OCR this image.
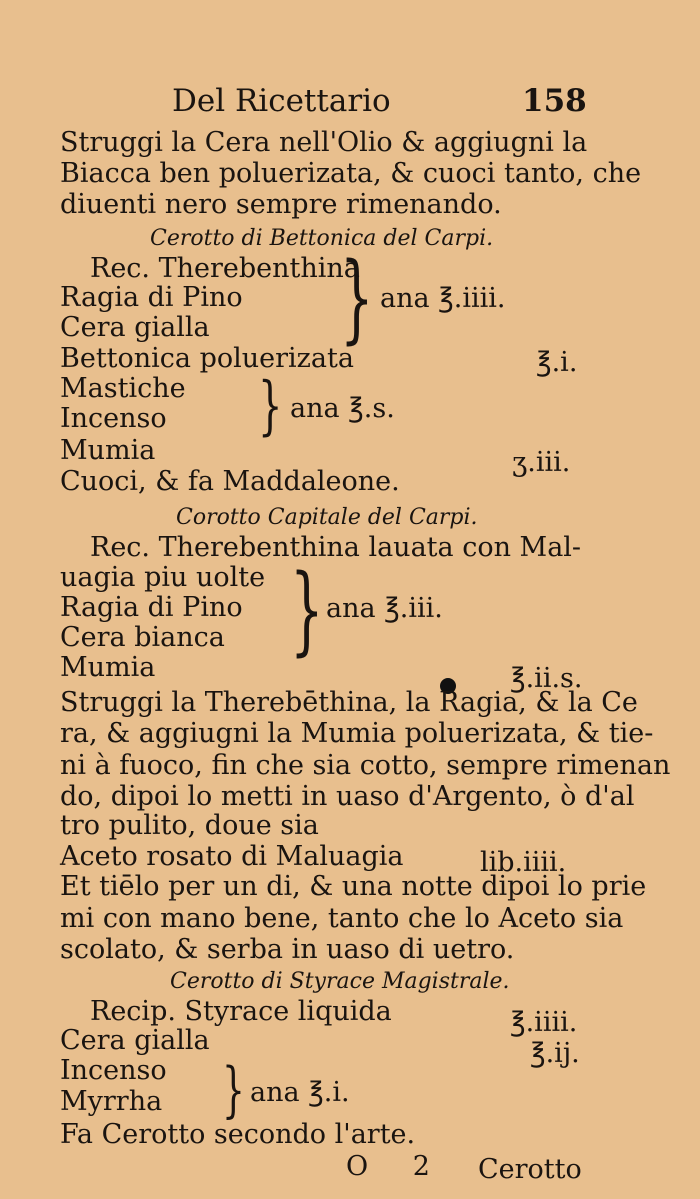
Del Ricettario	158
Struggi la Cera nell'Olio & aggiugni la
Biacca ben poluerizata, & cuoci tanto, che
diuenti nero sempre rimenando.
Cerotto di Bettonica del Carpi.
Rec. Therebenthina
Ragia di Pino
Cera gialla } ana ℥.iiii.
Bettonica poluerizata	℥.i.
Mastiche
Incenso } ana ℥.s.
Mumia	ʒ.iii.
Cuoci, & fa Maddaleone.
Corotto Capitale del Carpi.
Rec. Therebenthina lauata con Mal-
uagia piu uolte
Ragia di Pino
Cera bianca } ana ℥.iii.
Mumia	℥.ii.s.
Struggi la Therebēthina, la Ragia, & la Ce
ra, & aggiugni la Mumia poluerizata, & tie-
ni à fuoco, fin che sia cotto, sempre rimenan
do, dipoi lo metti in uaso d'Argento, ò d'al
tro pulito, doue sia
Aceto rosato di Maluagia	lib.iiii.
Et tiēlo per un di, & una notte dipoi lo prie
mi con mano bene, tanto che lo Aceto sia
scolato, & serba in uaso di uetro.
Cerotto di Styrace Magistrale.
Recip. Styrace liquida	℥.iiii.
Cera gialla	℥.ij.
Incenso
Myrrha } ana ℥.i.
Fa Cerotto secondo l'arte.
O 2 Cerotto
